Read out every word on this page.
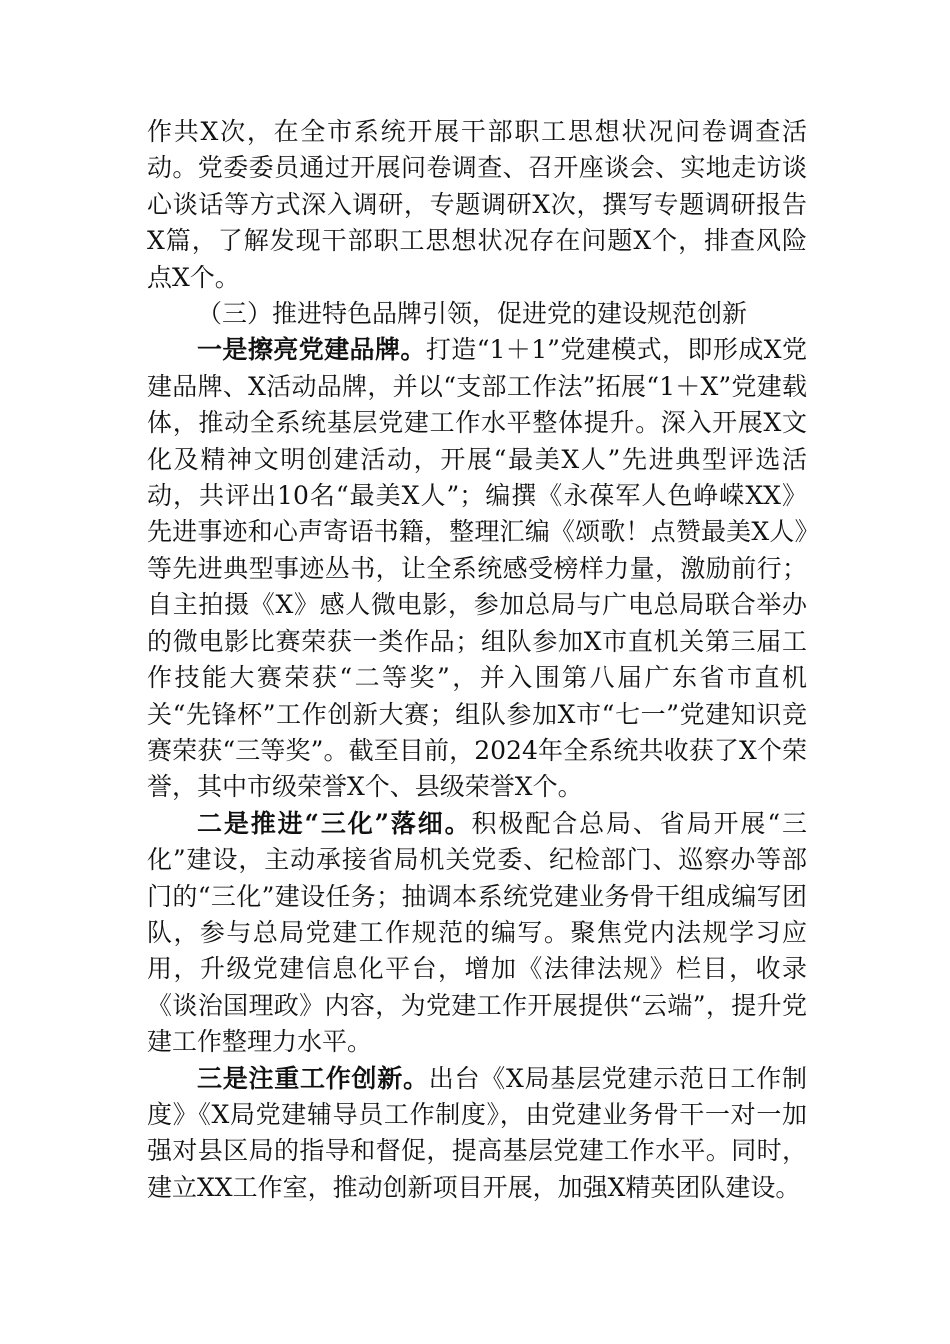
作共X次，在全市系统开展干部职工思想状况问卷调查活动。党委委员通过开展问卷调查、召开座谈会、实地走访谈心谈话等方式深入调研，专题调研X次，撰写专题调研报告X篇，了解发现干部职工思想状况存在问题X个，排查风险点X个。

（三）推进特色品牌引领，促进党的建设规范创新

一是擦亮党建品牌。打造“1＋1”党建模式，即形成X党建品牌、X活动品牌，并以“支部工作法”拓展“1＋X”党建载体，推动全系统基层党建工作水平整体提升。深入开展X文化及精神文明创建活动，开展“最美X人”先进典型评选活动，共评出10名“最美X人”；编撰《永葆军人色峥嵘XX》先进事迹和心声寄语书籍，整理汇编《颂歌！点赞最美X人》等先进典型事迹丛书，让全系统感受榜样力量，激励前行；自主拍摄《X》感人微电影，参加总局与广电总局联合举办的微电影比赛荣获一类作品；组队参加X市直机关第三届工作技能大赛荣获“二等奖”，并入围第八届广东省市直机关“先锋杯”工作创新大赛；组队参加X市“七一”党建知识竞赛荣获“三等奖”。截至目前，2024年全系统共收获了X个荣誉，其中市级荣誉X个、县级荣誉X个。

二是推进“三化”落细。积极配合总局、省局开展“三化”建设，主动承接省局机关党委、纪检部门、巡察办等部门的“三化”建设任务；抽调本系统党建业务骨干组成编写团队，参与总局党建工作规范的编写。聚焦党内法规学习应用，升级党建信息化平台，增加《法律法规》栏目，收录《谈治国理政》内容，为党建工作开展提供“云端”，提升党建工作整理力水平。

三是注重工作创新。出台《X局基层党建示范日工作制度》《X局党建辅导员工作制度》，由党建业务骨干一对一加强对县区局的指导和督促，提高基层党建工作水平。同时，建立XX工作室，推动创新项目开展，加强X精英团队建设。
